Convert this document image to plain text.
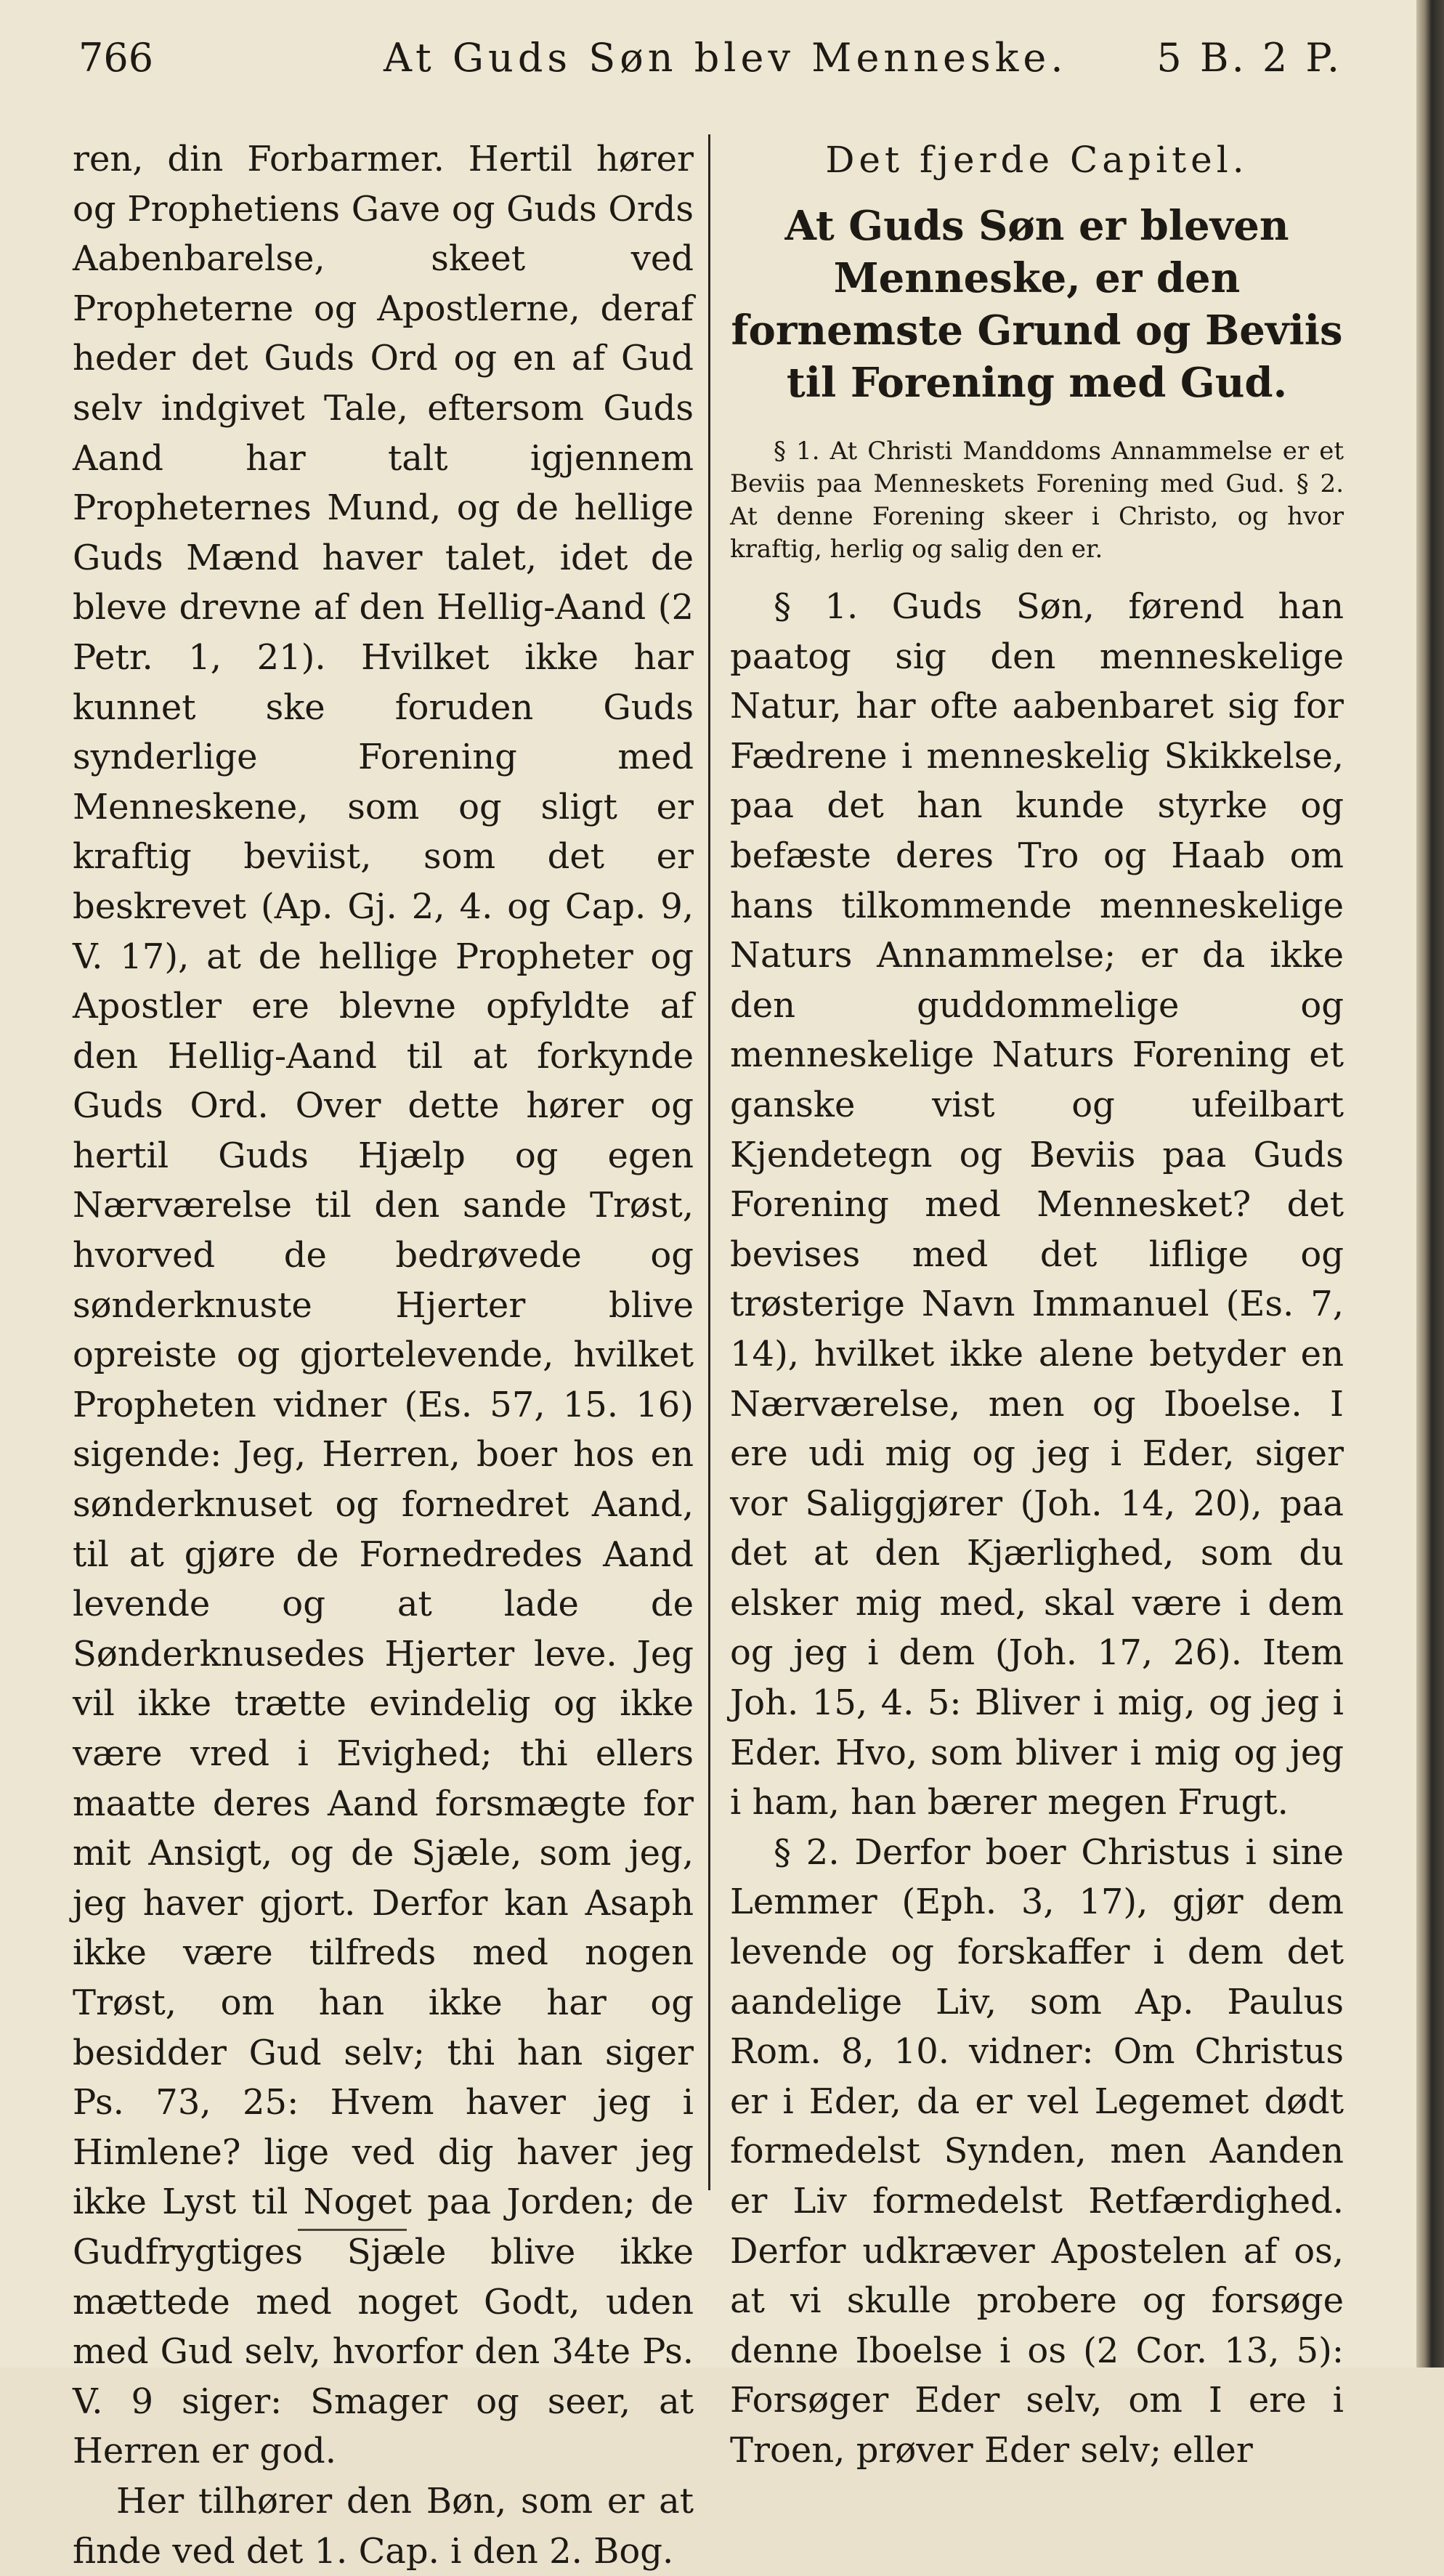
766	At Guds Søn blev Menneske. 5 B. 2 P.

ren, din Forbarmer. Hertil hører og Prophetiens Gave og Guds Ords Aabenbarelse, skeet ved Propheterne og Apostlerne, deraf heder det Guds Ord og en af Gud selv indgivet Tale, eftersom Guds Aand har talt igjennem Propheternes Mund, og de hellige Guds Mænd haver talet, idet de bleve drevne af den Hellig-Aand (2 Petr. 1, 21). Hvilket ikke har kunnet ske foruden Guds synderlige Forening med Menneskene, som og sligt er kraftig beviist, som det er beskrevet (Ap. Gj. 2, 4. og Cap. 9, V. 17), at de hellige Propheter og Apostler ere blevne opfyldte af den Hellig-Aand til at forkynde Guds Ord. Over dette hører og hertil Guds Hjælp og egen Nærværelse til den sande Trøst, hvorved de bedrøvede og sønderknuste Hjerter blive opreiste og gjortelevende, hvilket Propheten vidner (Es. 57, 15. 16) sigende: Jeg, Herren, boer hos en sønderknuset og fornedret Aand, til at gjøre de Fornedredes Aand levende og at lade de Sønderknusedes Hjerter leve. Jeg vil ikke trætte evindelig og ikke være vred i Evighed; thi ellers maatte deres Aand forsmægte for mit Ansigt, og de Sjæle, som jeg, jeg haver gjort. Derfor kan Asaph ikke være tilfreds med nogen Trøst, om han ikke har og besidder Gud selv; thi han siger Ps. 73, 25: Hvem haver jeg i Himlene? lige ved dig haver jeg ikke Lyst til Noget paa Jorden; de Gudfrygtiges Sjæle blive ikke mættede med noget Godt, uden med Gud selv, hvorfor den 34te Ps. V. 9 siger: Smager og seer, at Herren er god.

Her tilhører den Bøn, som er at finde ved det 1. Cap. i den 2. Bog.

Det fjerde Capitel.

At Guds Søn er bleven Menneske, er den fornemste Grund og Beviis til Forening med Gud.

§ 1. At Christi Manddoms Annammelse er et Beviis paa Menneskets Forening med Gud. § 2. At denne Forening skeer i Christo, og hvor kraftig, herlig og salig den er.

§ 1. Guds Søn, førend han paatog sig den menneskelige Natur, har ofte aabenbaret sig for Fædrene i menneskelig Skikkelse, paa det han kunde styrke og befæste deres Tro og Haab om hans tilkommende menneskelige Naturs Annammelse; er da ikke den guddommelige og menneskelige Naturs Forening et ganske vist og ufeilbart Kjendetegn og Beviis paa Guds Forening med Mennesket? det bevises med det liflige og trøsterige Navn Immanuel (Es. 7, 14), hvilket ikke alene betyder en Nærværelse, men og Iboelse. I ere udi mig og jeg i Eder, siger vor Saliggjører (Joh. 14, 20), paa det at den Kjærlighed, som du elsker mig med, skal være i dem og jeg i dem (Joh. 17, 26). Item Joh. 15, 4. 5: Bliver i mig, og jeg i Eder. Hvo, som bliver i mig og jeg i ham, han bærer megen Frugt.

§ 2. Derfor boer Christus i sine Lemmer (Eph. 3, 17), gjør dem levende og forskaffer i dem det aandelige Liv, som Ap. Paulus Rom. 8, 10. vidner: Om Christus er i Eder, da er vel Legemet dødt formedelst Synden, men Aanden er Liv formedelst Retfærdighed. Derfor udkræver Apostelen af os, at vi skulle probere og forsøge denne Iboelse i os (2 Cor. 13, 5): Forsøger Eder selv, om I ere i Troen, prøver Eder selv; eller
